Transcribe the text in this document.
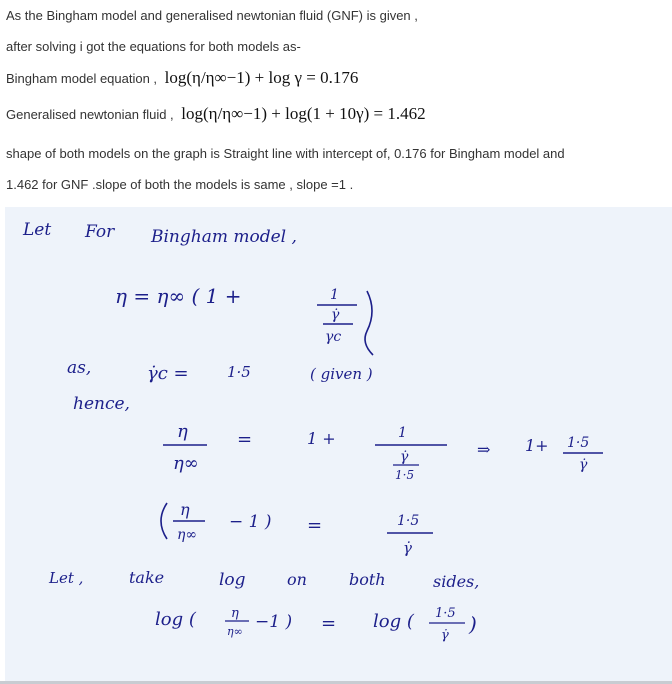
As the Bingham model and generalised newtonian fluid (GNF) is given ,
after solving i got the equations for both models as-
Bingham model equation , log(η/η∞−1) + log γ = 0.176
Generalised newtonian fluid , log(η/η∞−1) + log(1 + 10γ) = 1.462
shape of both models on the graph is Straight line with intercept of, 0.176 for Bingham model and
1.462 for GNF .slope of both the models is same , slope =1 .
Let For Bingham model ,
η = η∞ ( 1 +	1
γ̇
γc
as,	γ̇c =	1·5	( given )
hence,
η
η∞
=	1 +	1
γ̇
1·5
⇒ 1+ 1·5
γ̇
η
η∞
− 1 ) =	1·5
γ̇
Let ,	take	log	on	both	sides,
log (	η
η∞ −1 ) = log ( 1·5
γ̇ )
